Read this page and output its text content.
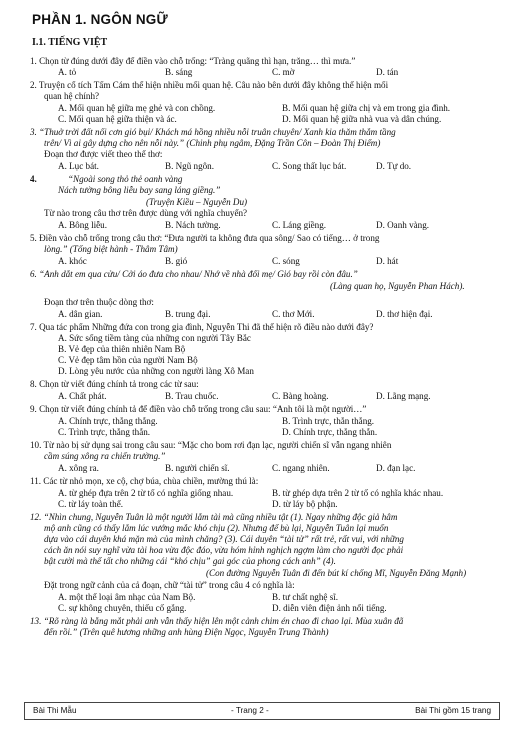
PHẦN 1. NGÔN NGỮ
I.1. TIẾNG VIỆT
1. Chọn từ đúng dưới đây để điền vào chỗ trống: “Tràng quãng thì hạn, trăng… thì mưa.”
A. tỏ	B. sáng	C. mờ	D. tán
2. Truyện cổ tích Tấm Cám thể hiện nhiều mối quan hệ. Câu nào bên dưới đây không thể hiện mối
quan hệ chính?
A. Mối quan hệ giữa mẹ ghẻ và con chồng.	B. Mối quan hệ giữa chị và em trong gia đình.
C. Mối quan hệ giữa thiện và ác.	D. Mối quan hệ giữa nhà vua và dân chúng.
3. “Thuở trời đất nổi cơn gió bụi/ Khách má hồng nhiều nỗi truân chuyên/ Xanh kia thăm thẳm tầng
trên/ Vì ai gây dựng cho nên nỗi này.” (Chinh phụ ngâm, Đặng Trần Côn – Đoàn Thị Điểm)
Đoạn thơ được viết theo thể thơ:
A. Lục bát.	B. Ngũ ngôn.	C. Song thất lục bát.	D. Tự do.
4.	“Ngoài song thỏ thẻ oanh vàng
Nách tường bông liễu bay sang láng giềng.”
(Truyện Kiều – Nguyễn Du)
Từ nào trong câu thơ trên được dùng với nghĩa chuyển?
A. Bông liễu.	B. Nách tường.	C. Láng giềng.	D. Oanh vàng.
5. Điền vào chỗ trống trong câu thơ: “Đưa người ta không đưa qua sông/ Sao có tiếng… ở trong
lòng.” (Tống biệt hành - Thâm Tâm)
A. khóc	B. gió	C. sóng	D. hát
6. “Anh dắt em qua cửu/ Cởi áo đưa cho nhau/ Nhớ về nhà đối mẹ/ Gió bay rồi còn đâu.”
(Làng quan họ, Nguyễn Phan Hách).
Đoạn thơ trên thuộc dòng thơ:
A. dân gian.	B. trung đại.	C. thơ Mới.	D. thơ hiện đại.
7. Qua tác phẩm Những đứa con trong gia đình, Nguyễn Thi đã thể hiện rõ điều nào dưới đây?
A. Sức sống tiềm tàng của những con người Tây Bắc
B. Vẻ đẹp của thiên nhiên Nam Bộ
C. Vẻ đẹp tâm hồn của người Nam Bộ
D. Lòng yêu nước của những con người làng Xô Man
8. Chọn từ viết đúng chính tả trong các từ sau:
A. Chất phát.	B. Trau chuốc.	C. Bàng hoàng.	D. Lãng mạng.
9. Chọn từ viết đúng chính tả để điền vào chỗ trống trong câu sau: “Anh tôi là một người…”
A. Chính trực, thẳng thắng.	B. Trình trực, thẳn thắng.
C. Trình trực, thẳng thắn.	D. Chính trực, thẳng thắn.
10. Từ nào bị sử dụng sai trong câu sau: “Mặc cho bom rơi đạn lạc, người chiến sĩ vẫn ngang nhiên
cầm súng xông ra chiến trường.”
A. xông ra.	B. người chiến sĩ.	C. ngang nhiên.	D. đạn lạc.
11. Các từ nhỏ mọn, xe cộ, chợ búa, chùa chiền, mường thú là:
A. từ ghép đựa trên 2 từ tố có nghĩa giống nhau.	B. từ ghép dựa trên 2 từ tố có nghĩa khác nhau.
C. từ láy toàn thể.	D. từ láy bộ phận.
12. “Nhìn chung, Nguyễn Tuân là một người lắm tài mà cũng nhiều tật (1). Ngay những độc giả hâm
mộ anh cũng có thấy lắm lúc vướng mắc khó chịu (2). Nhưng để bù lại, Nguyễn Tuân lại muốn
dựa vào cái duyên khá mặn mà của mình chăng? (3). Cái duyên “tài tử” rất trẻ, rất vui, với những
cách ăn nói suy nghĩ vừa tài hoa vừa độc đáo, vừa hóm hỉnh nghịch ngợm làm cho người đọc phải
bật cười mà thể tất cho những cái “khó chịu” gai góc của phong cách anh” (4).
(Con đường Nguyễn Tuân đi đến bút kí chống Mĩ, Nguyễn Đăng Mạnh)
Đặt trong ngữ cảnh của cả đoạn, chữ “tài tử” trong câu 4 có nghĩa là:
A. một thể loại âm nhạc của Nam Bộ.	B. tư chất nghệ sĩ.
C. sự không chuyên, thiếu cố gắng.	D. diễn viên điện ảnh nổi tiếng.
13. “Rõ ràng là bằng mắt phải anh vẫn thấy hiện lên một cảnh chim én chao đi chao lại. Mùa xuân đã
đến rồi.” (Trên quê hương những anh hùng Điện Ngọc, Nguyễn Trung Thành)
Bài Thi Mẫu	- Trang 2 -	Bài Thi gồm 15 trang
